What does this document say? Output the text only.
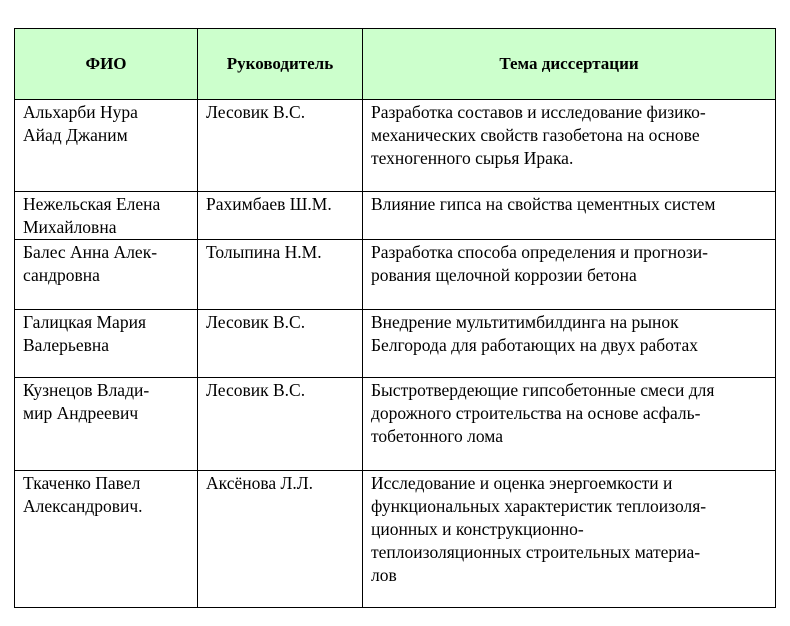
ФИО	Руководитель	Тема диссертации

Альхарби Нура
Айад Джаним	Лесовик В.С.	Разработка составов и исследование физико-
механических свойств газобетона на основе
техногенного сырья Ирака.

Нежельская Елена
Михайловна	Рахимбаев Ш.М.	Влияние гипса на свойства цементных систем

Балес Анна Алек-
сандровна	Толыпина Н.М.	Разработка способа определения и прогнози-
рования щелочной коррозии бетона

Галицкая Мария
Валерьевна	Лесовик В.С.	Внедрение мультитимбилдинга на рынок
Белгорода для работающих на двух работах

Кузнецов Влади-
мир Андреевич	Лесовик В.С.	Быстротвердеющие гипсобетонные смеси для
дорожного строительства на основе асфаль-
тобетонного лома

Ткаченко Павел
Александрович.	Аксёнова Л.Л.	Исследование и оценка энергоемкости и
функциональных характеристик теплоизоля-
ционных и конструкционно-
теплоизоляционных строительных материа-
лов
